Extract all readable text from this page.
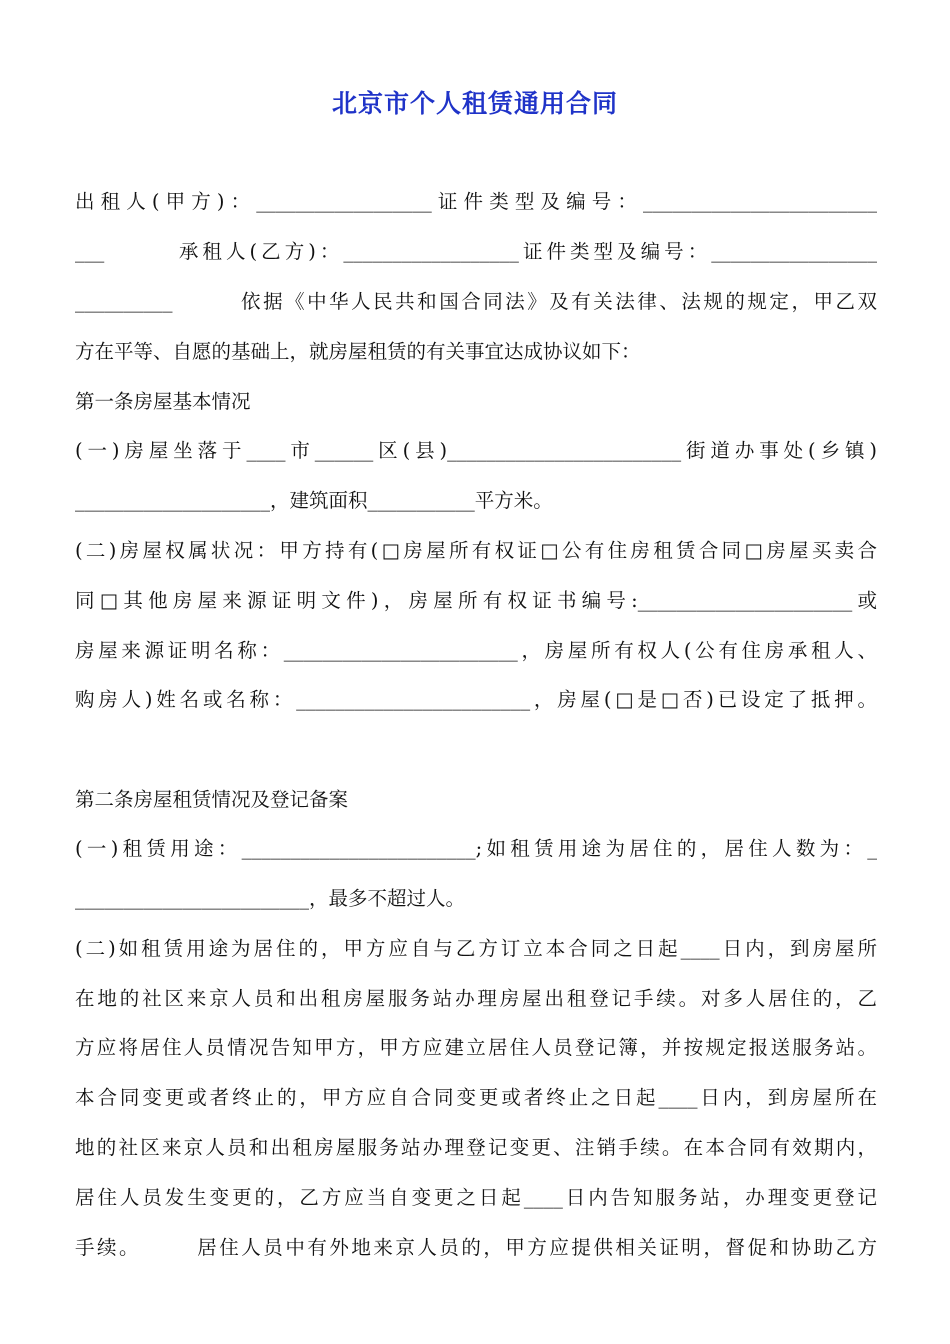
北京市个人租赁通用合同
出租人(甲方)：__________________证件类型及编号：________________________
___　　　承租人(乙方)：__________________证件类型及编号：_________________
__________　　　依据《中华人民共和国合同法》及有关法律、法规的规定，甲乙双
方在平等、自愿的基础上，就房屋租赁的有关事宜达成协议如下：
第一条房屋基本情况
(一)房屋坐落于____市______区(县)________________________街道办事处(乡镇)
____________________，建筑面积___________平方米。
(二)房屋权属状况：甲方持有(□房屋所有权证□公有住房租赁合同□房屋买卖合
同□其他房屋来源证明文件)，房屋所有权证书编号:______________________或
房屋来源证明名称：________________________，房屋所有权人(公有住房承租人、
购房人)姓名或名称：________________________，房屋(□是□否)已设定了抵押。
第二条房屋租赁情况及登记备案
(一)租赁用途：________________________;如租赁用途为居住的，居住人数为：_
________________________，最多不超过人。
(二)如租赁用途为居住的，甲方应自与乙方订立本合同之日起____日内，到房屋所
在地的社区来京人员和出租房屋服务站办理房屋出租登记手续。对多人居住的，乙
方应将居住人员情况告知甲方，甲方应建立居住人员登记簿，并按规定报送服务站。
本合同变更或者终止的，甲方应自合同变更或者终止之日起____日内，到房屋所在
地的社区来京人员和出租房屋服务站办理登记变更、注销手续。在本合同有效期内，
居住人员发生变更的，乙方应当自变更之日起____日内告知服务站，办理变更登记
手续。　　　居住人员中有外地来京人员的，甲方应提供相关证明，督促和协助乙方
